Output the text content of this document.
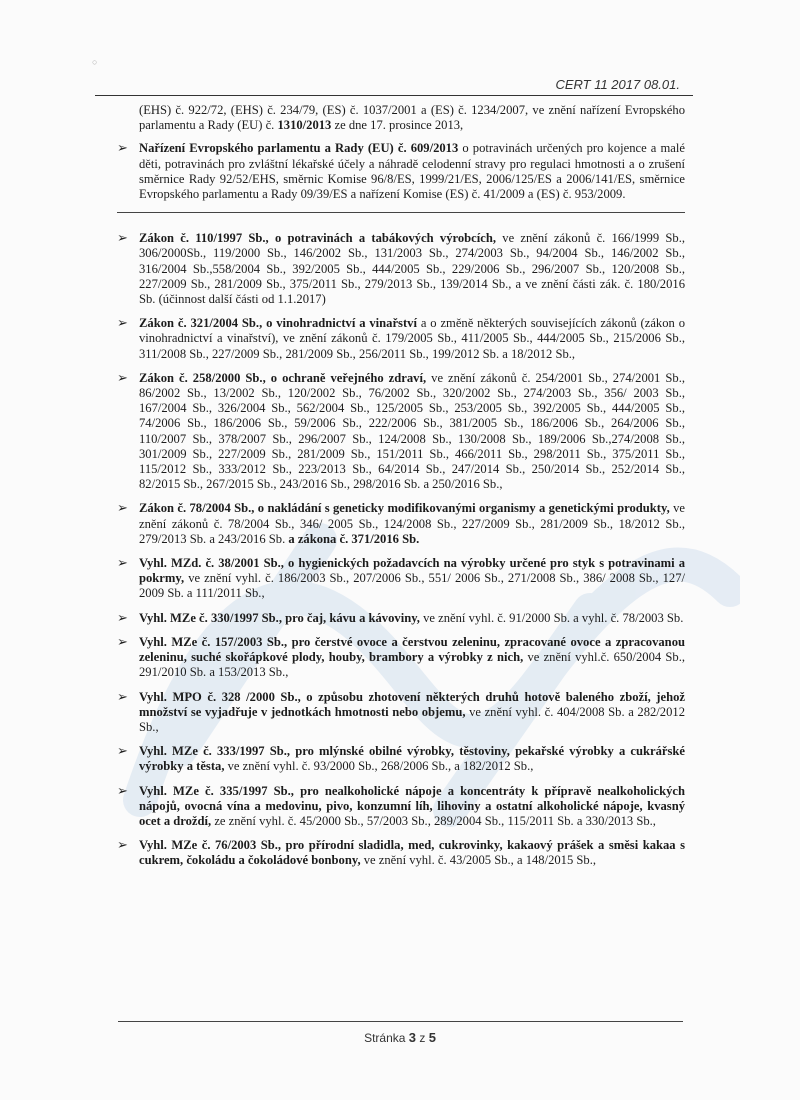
CERT 11 2017 08.01.
(EHS) č. 922/72, (EHS) č. 234/79, (ES) č. 1037/2001 a (ES) č. 1234/2007, ve znění nařízení Evropského parlamentu a Rady (EU) č. 1310/2013 ze dne 17. prosince 2013,
➢ Nařízení Evropského parlamentu a Rady (EU) č. 609/2013 o potravinách určených pro kojence a malé děti, potravinách pro zvláštní lékařské účely a náhradě celodenní stravy pro regulaci hmotnosti a o zrušení směrnice Rady 92/52/EHS, směrnic Komise 96/8/ES, 1999/21/ES, 2006/125/ES a 2006/141/ES, směrnice Evropského parlamentu a Rady 09/39/ES a nařízení Komise (ES) č. 41/2009 a (ES) č. 953/2009.
➢ Zákon č. 110/1997 Sb., o potravinách a tabákových výrobcích, ve znění zákonů č. 166/1999 Sb., 306/2000Sb., 119/2000 Sb., 146/2002 Sb., 131/2003 Sb., 274/2003 Sb., 94/2004 Sb., 146/2002 Sb., 316/2004 Sb.,558/2004 Sb., 392/2005 Sb., 444/2005 Sb., 229/2006 Sb., 296/2007 Sb., 120/2008 Sb., 227/2009 Sb., 281/2009 Sb., 375/2011 Sb., 279/2013 Sb., 139/2014 Sb., a ve znění části zák. č. 180/2016 Sb. (účinnost další části od 1.1.2017)
➢ Zákon č. 321/2004 Sb., o vinohradnictví a vinařství a o změně některých souvisejících zákonů (zákon o vinohradnictví a vinařství), ve znění zákonů č. 179/2005 Sb., 411/2005 Sb., 444/2005 Sb., 215/2006 Sb., 311/2008 Sb., 227/2009 Sb., 281/2009 Sb., 256/2011 Sb., 199/2012 Sb. a 18/2012 Sb.,
➢ Zákon č. 258/2000 Sb., o ochraně veřejného zdraví, ve znění zákonů č. 254/2001 Sb., 274/2001 Sb., 86/2002 Sb., 13/2002 Sb., 120/2002 Sb., 76/2002 Sb., 320/2002 Sb., 274/2003 Sb., 356/ 2003 Sb., 167/2004 Sb., 326/2004 Sb., 562/2004 Sb., 125/2005 Sb., 253/2005 Sb., 392/2005 Sb., 444/2005 Sb., 74/2006 Sb., 186/2006 Sb., 59/2006 Sb., 222/2006 Sb., 381/2005 Sb., 186/2006 Sb., 264/2006 Sb., 110/2007 Sb., 378/2007 Sb., 296/2007 Sb., 124/2008 Sb., 130/2008 Sb., 189/2006 Sb.,274/2008 Sb., 301/2009 Sb., 227/2009 Sb., 281/2009 Sb., 151/2011 Sb., 466/2011 Sb., 298/2011 Sb., 375/2011 Sb., 115/2012 Sb., 333/2012 Sb., 223/2013 Sb., 64/2014 Sb., 247/2014 Sb., 250/2014 Sb., 252/2014 Sb., 82/2015 Sb., 267/2015 Sb., 243/2016 Sb., 298/2016 Sb. a 250/2016 Sb.,
➢ Zákon č. 78/2004 Sb., o nakládání s geneticky modifikovanými organismy a genetickými produkty, ve znění zákonů č. 78/2004 Sb., 346/ 2005 Sb., 124/2008 Sb., 227/2009 Sb., 281/2009 Sb., 18/2012 Sb., 279/2013 Sb. a 243/2016 Sb. a zákona č. 371/2016 Sb.
➢ Vyhl. MZd. č. 38/2001 Sb., o hygienických požadavcích na výrobky určené pro styk s potravinami a pokrmy, ve znění vyhl. č. 186/2003 Sb., 207/2006 Sb., 551/ 2006 Sb., 271/2008 Sb., 386/ 2008 Sb., 127/ 2009 Sb. a 111/2011 Sb.,
➢ Vyhl. MZe č. 330/1997 Sb., pro čaj, kávu a kávoviny, ve znění vyhl. č. 91/2000 Sb. a vyhl. č. 78/2003 Sb.
➢ Vyhl. MZe č. 157/2003 Sb., pro čerstvé ovoce a čerstvou zeleninu, zpracované ovoce a zpracovanou zeleninu, suché skořápkové plody, houby, brambory a výrobky z nich, ve znění vyhl.č. 650/2004 Sb., 291/2010 Sb. a 153/2013 Sb.,
➢ Vyhl. MPO č. 328 /2000 Sb., o způsobu zhotovení některých druhů hotově baleného zboží, jehož množství se vyjadřuje v jednotkách hmotnosti nebo objemu, ve znění vyhl. č. 404/2008 Sb. a 282/2012 Sb.,
➢ Vyhl. MZe č. 333/1997 Sb., pro mlýnské obilné výrobky, těstoviny, pekařské výrobky a cukrářské výrobky a těsta, ve znění vyhl. č. 93/2000 Sb., 268/2006 Sb., a 182/2012 Sb.,
➢ Vyhl. MZe č. 335/1997 Sb., pro nealkoholické nápoje a koncentráty k přípravě nealkoholických nápojů, ovocná vína a medovinu, pivo, konzumní líh, lihoviny a ostatní alkoholické nápoje, kvasný ocet a droždí, ze znění vyhl. č. 45/2000 Sb., 57/2003 Sb., 289/2004 Sb., 115/2011 Sb. a 330/2013 Sb.,
➢ Vyhl. MZe č. 76/2003 Sb., pro přírodní sladidla, med, cukrovinky, kakaový prášek a směsi kakaa s cukrem, čokoládu a čokoládové bonbony, ve znění vyhl. č. 43/2005 Sb., a 148/2015 Sb.,
Stránka 3 z 5
○
